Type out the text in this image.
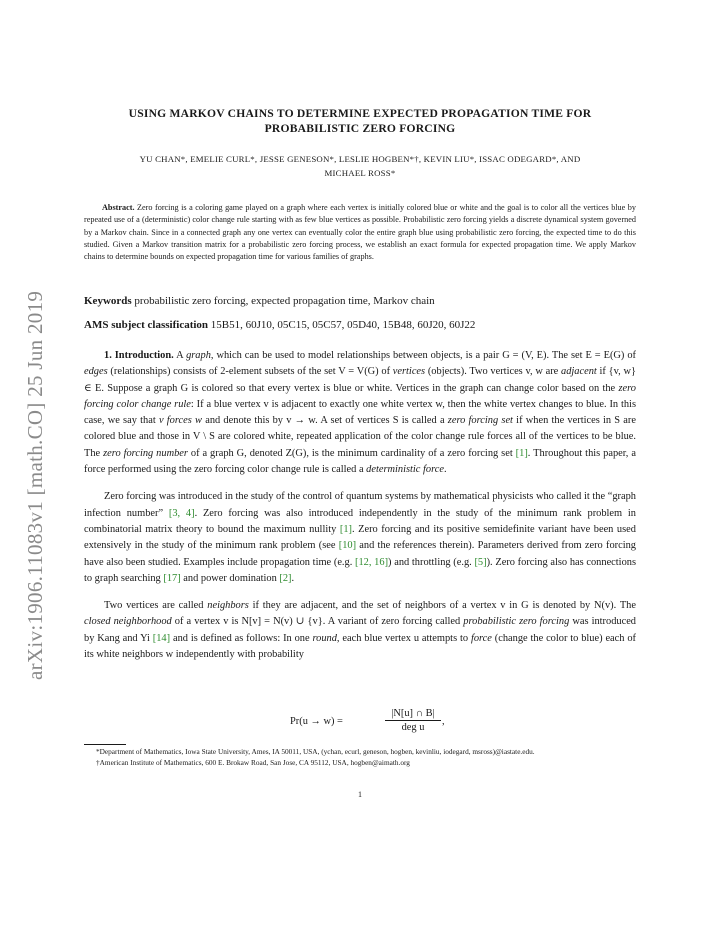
arXiv:1906.11083v1 [math.CO] 25 Jun 2019
USING MARKOV CHAINS TO DETERMINE EXPECTED PROPAGATION TIME FOR
PROBABILISTIC ZERO FORCING
YU CHAN*, EMELIE CURL*, JESSE GENESON*, LESLIE HOGBEN*†, KEVIN LIU*, ISSAC ODEGARD*, AND
MICHAEL ROSS*
Abstract. Zero forcing is a coloring game played on a graph where each vertex is initially colored blue or white and the goal is to color all the vertices blue by repeated use of a (deterministic) color change rule starting with as few blue vertices as possible. Probabilistic zero forcing yields a discrete dynamical system governed by a Markov chain. Since in a connected graph any one vertex can eventually color the entire graph blue using probabilistic zero forcing, the expected time to do this studied. Given a Markov transition matrix for a probabilistic zero forcing process, we establish an exact formula for expected propagation time. We apply Markov chains to determine bounds on expected propagation time for various families of graphs.
Keywords probabilistic zero forcing, expected propagation time, Markov chain
AMS subject classification 15B51, 60J10, 05C15, 05C57, 05D40, 15B48, 60J20, 60J22

1. Introduction. A graph, which can be used to model relationships between objects, is a pair G = (V, E). The set E = E(G) of edges (relationships) consists of 2-element subsets of the set V = V(G) of vertices (objects). Two vertices v, w are adjacent if {v, w} ∈ E. Suppose a graph G is colored so that every vertex is blue or white. Vertices in the graph can change color based on the zero forcing color change rule: If a blue vertex v is adjacent to exactly one white vertex w, then the white vertex changes to blue. In this case, we say that v forces w and denote this by v → w. A set of vertices S is called a zero forcing set if when the vertices in S are colored blue and those in V \ S are colored white, repeated application of the color change rule forces all of the vertices to be blue. The zero forcing number of a graph G, denoted Z(G), is the minimum cardinality of a zero forcing set [1]. Throughout this paper, a force performed using the zero forcing color change rule is called a deterministic force.

Zero forcing was introduced in the study of the control of quantum systems by mathematical physicists who called it the “graph infection number” [3, 4]. Zero forcing was also introduced independently in the study of the minimum rank problem in combinatorial matrix theory to bound the maximum nullity [1]. Zero forcing and its positive semidefinite variant have been used extensively in the study of the minimum rank problem (see [10] and the references therein). Parameters derived from zero forcing have also been studied. Examples include propagation time (e.g. [12, 16]) and throttling (e.g. [5]). Zero forcing also has connections to graph searching [17] and power domination [2].

Two vertices are called neighbors if they are adjacent, and the set of neighbors of a vertex v in G is denoted by N(v). The closed neighborhood of a vertex v is N[v] = N(v) ∪ {v}. A variant of zero forcing called probabilistic zero forcing was introduced by Kang and Yi [14] and is defined as follows: In one round, each blue vertex u attempts to force (change the color to blue) each of its white neighbors w independently with probability

Pr(u → w) =
|N[u] ∩ B|
deg u
,
*Department of Mathematics, Iowa State University, Ames, IA 50011, USA, (ychan, ecurl, geneson, hogben, kevinliu, iodegard, msross)@iastate.edu.
†American Institute of Mathematics, 600 E. Brokaw Road, San Jose, CA 95112, USA, hogben@aimath.org
1
